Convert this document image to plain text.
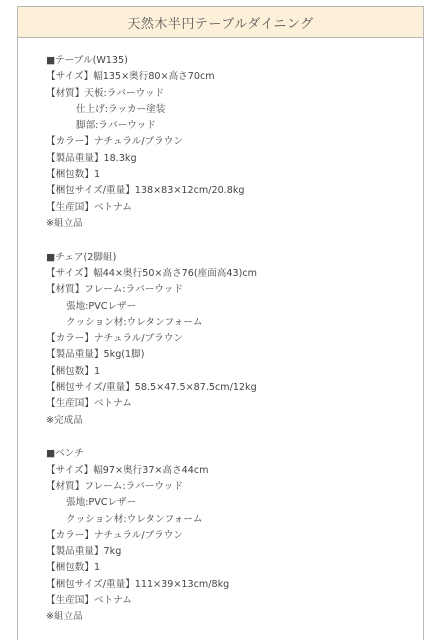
天然木半円テーブルダイニング
■テーブル(W135)
【サイズ】幅135×奥行80×高さ70cm
【材質】天板:ラバーウッド
仕上げ:ラッカー塗装
脚部:ラバーウッド
【カラー】ナチュラル/ブラウン
【製品重量】18.3kg
【梱包数】1
【梱包サイズ/重量】138×83×12cm/20.8kg
【生産国】ベトナム
※組立品
■チェア(2脚組)
【サイズ】幅44×奥行50×高さ76(座面高43)cm
【材質】フレーム:ラバーウッド
張地:PVCレザー
クッション材:ウレタンフォーム
【カラー】ナチュラル/ブラウン
【製品重量】5kg(1脚)
【梱包数】1
【梱包サイズ/重量】58.5×47.5×87.5cm/12kg
【生産国】ベトナム
※完成品
■ベンチ
【サイズ】幅97×奥行37×高さ44cm
【材質】フレーム:ラバーウッド
張地:PVCレザー
クッション材:ウレタンフォーム
【カラー】ナチュラル/ブラウン
【製品重量】7kg
【梱包数】1
【梱包サイズ/重量】111×39×13cm/8kg
【生産国】ベトナム
※組立品
